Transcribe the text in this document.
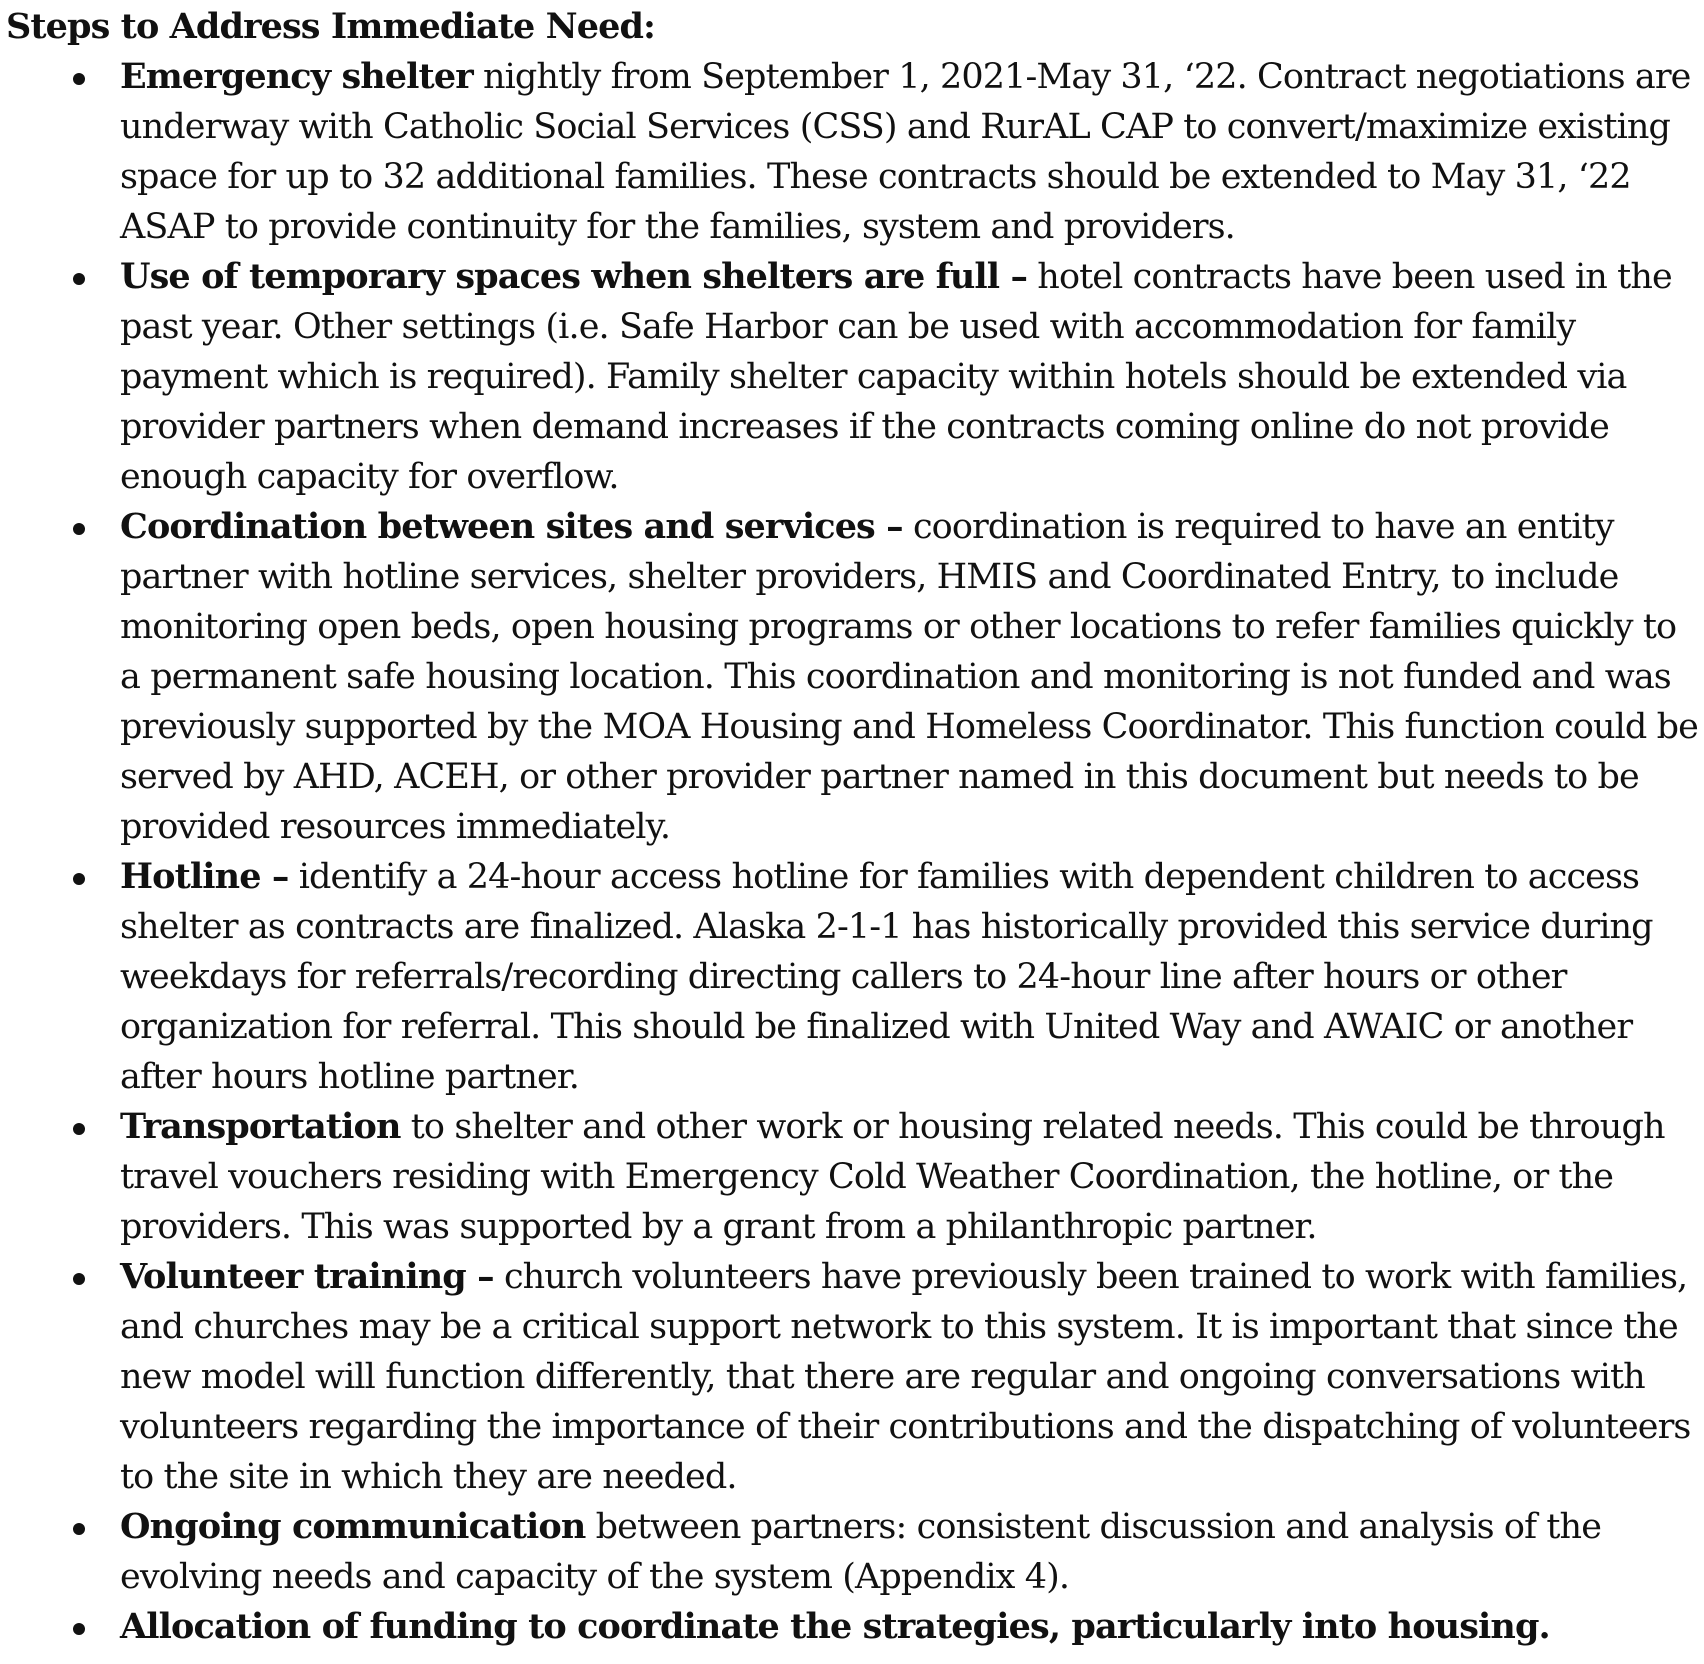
Steps to Address Immediate Need:

Emergency shelter nightly from September 1, 2021-May 31, ‘22. Contract negotiations are underway with Catholic Social Services (CSS) and RurAL CAP to convert/maximize existing space for up to 32 additional families. These contracts should be extended to May 31, ‘22 ASAP to provide continuity for the families, system and providers.
Use of temporary spaces when shelters are full – hotel contracts have been used in the past year. Other settings (i.e. Safe Harbor can be used with accommodation for family payment which is required). Family shelter capacity within hotels should be extended via provider partners when demand increases if the contracts coming online do not provide enough capacity for overflow.
Coordination between sites and services – coordination is required to have an entity partner with hotline services, shelter providers, HMIS and Coordinated Entry, to include monitoring open beds, open housing programs or other locations to refer families quickly to a permanent safe housing location. This coordination and monitoring is not funded and was previously supported by the MOA Housing and Homeless Coordinator. This function could be served by AHD, ACEH, or other provider partner named in this document but needs to be provided resources immediately.
Hotline – identify a 24-hour access hotline for families with dependent children to access shelter as contracts are finalized. Alaska 2-1-1 has historically provided this service during weekdays for referrals/recording directing callers to 24-hour line after hours or other organization for referral. This should be finalized with United Way and AWAIC or another after hours hotline partner.
Transportation to shelter and other work or housing related needs. This could be through travel vouchers residing with Emergency Cold Weather Coordination, the hotline, or the providers. This was supported by a grant from a philanthropic partner.
Volunteer training – church volunteers have previously been trained to work with families, and churches may be a critical support network to this system. It is important that since the new model will function differently, that there are regular and ongoing conversations with volunteers regarding the importance of their contributions and the dispatching of volunteers to the site in which they are needed.
Ongoing communication between partners: consistent discussion and analysis of the evolving needs and capacity of the system (Appendix 4).
Allocation of funding to coordinate the strategies, particularly into housing.
